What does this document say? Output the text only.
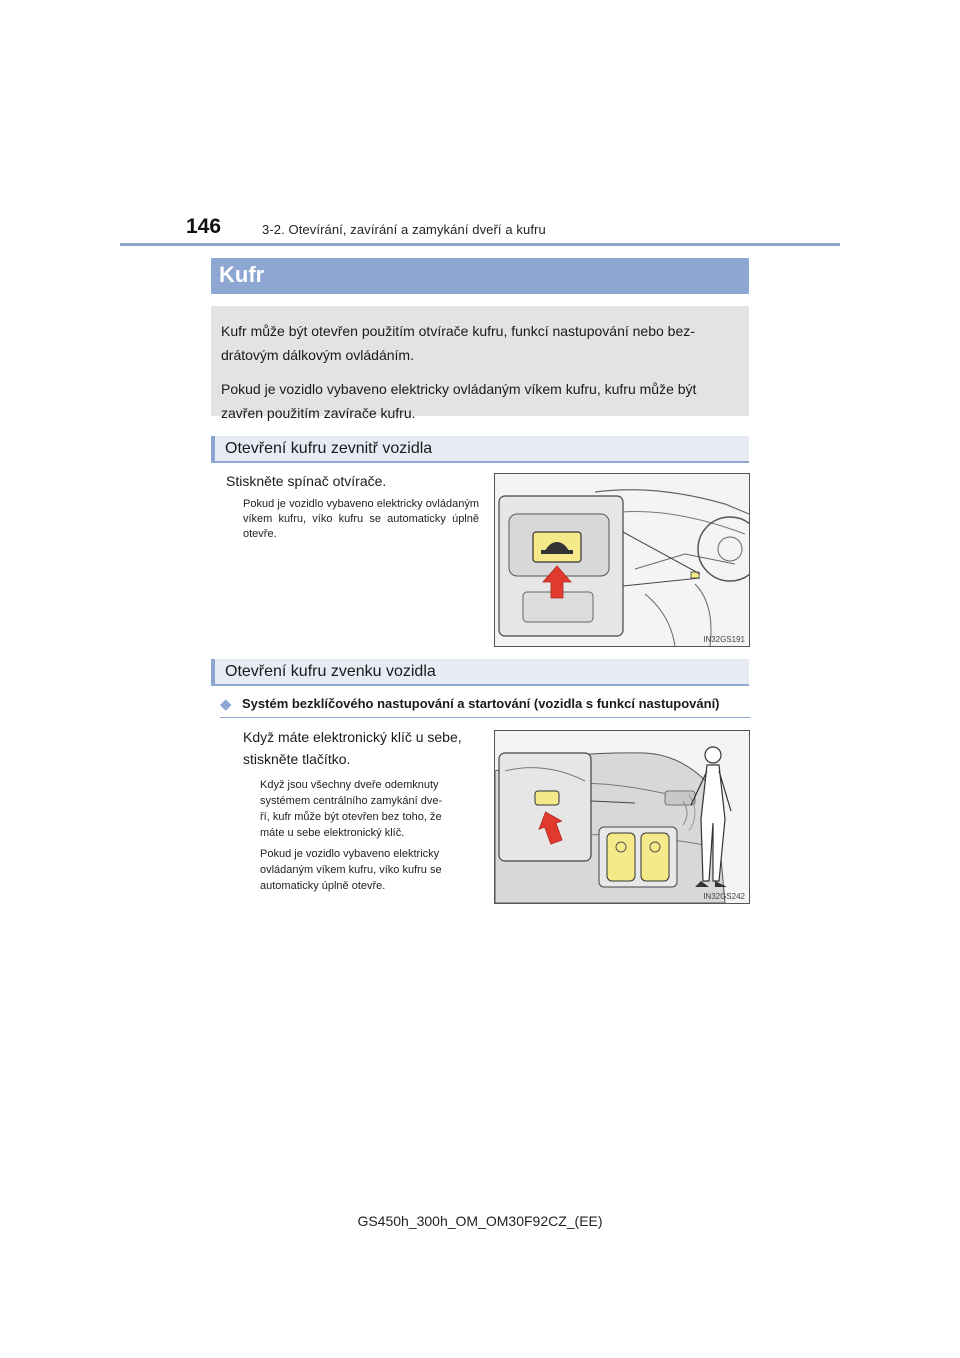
146	3-2. Otevírání, zavírání a zamykání dveří a kufru
Kufr

Kufr může být otevřen použitím otvírače kufru, funkcí nastupování nebo bez-drátovým dálkovým ovládáním.

Pokud je vozidlo vybaveno elektricky ovládaným víkem kufru, kufru může být zavřen použitím zavírače kufru.

Otevření kufru zevnitř vozidla
Stiskněte spínač otvírače.
Pokud je vozidlo vybaveno elektricky ovládaným víkem kufru, víko kufru se automaticky úplně otevře.
IN32GS191
Otevření kufru zvenku vozidla
◆ Systém bezklíčového nastupování a startování (vozidla s funkcí nastupování)
Když máte elektronický klíč u sebe,
stiskněte tlačítko.
Když jsou všechny dveře odemknuty
systémem centrálního zamykání dve-
ří, kufr může být otevřen bez toho, že
máte u sebe elektronický klíč.
Pokud je vozidlo vybaveno elektricky
ovládaným víkem kufru, víko kufru se
automaticky úplně otevře.
IN32GS242
GS450h_300h_OM_OM30F92CZ_(EE)
